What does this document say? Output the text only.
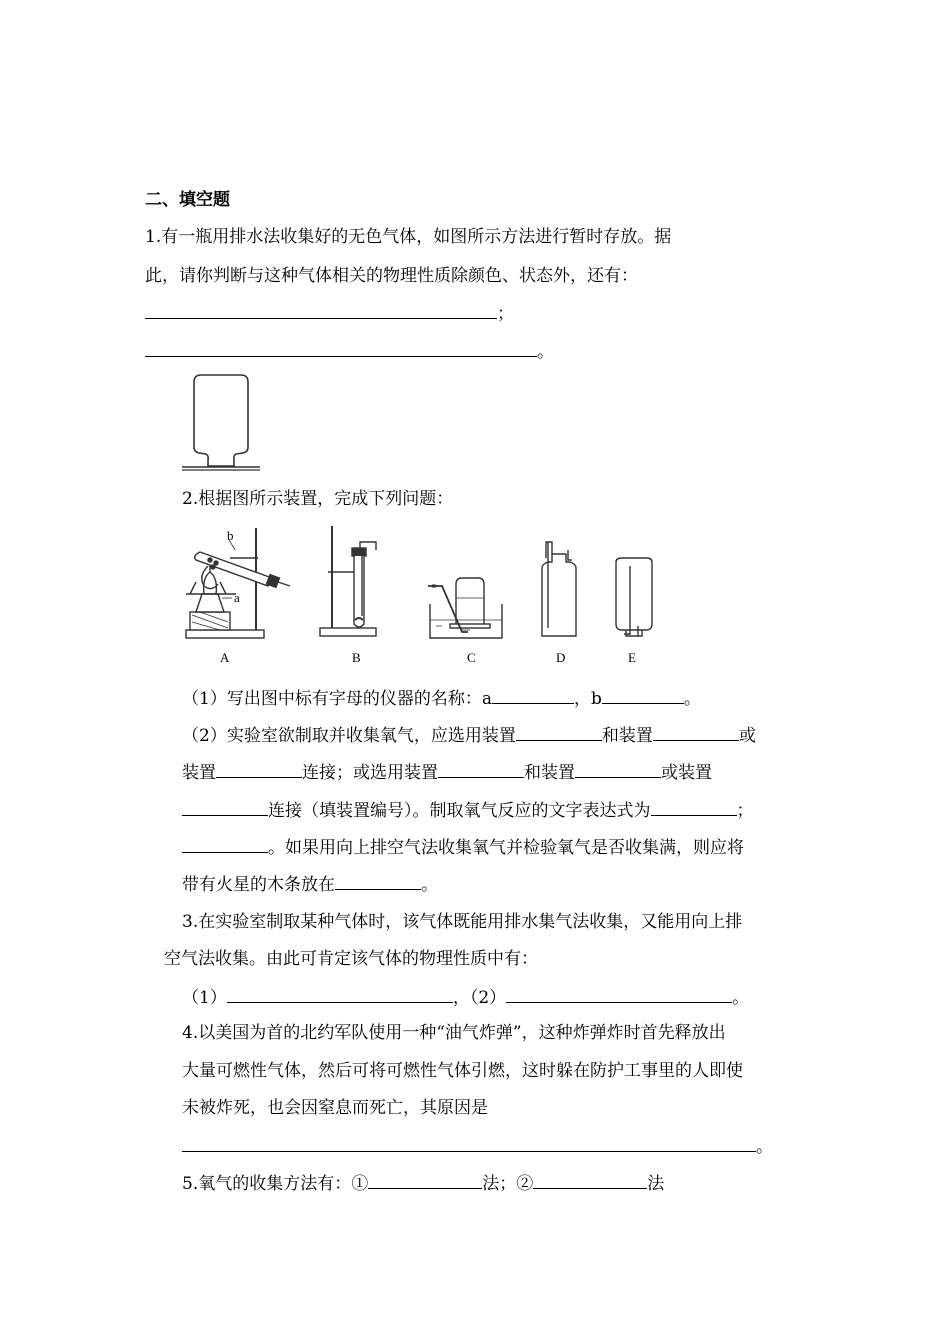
二、填空题
1.有一瓶用排水法收集好的无色气体，如图所示方法进行暂时存放。据
此，请你判断与这种气体相关的物理性质除颜色、状态外，还有：
；
。
2.根据图所示装置，完成下列问题：
b
a
A	B	C	D	E
（1）写出图中标有字母的仪器的名称：a	，b	。
（2）实验室欲制取并收集氧气，应选用装置	和装置	或
装置	连接；或选用装置	和装置	或装置
连接（填装置编号）。制取氧气反应的文字表达式为	；
。如果用向上排空气法收集氧气并检验氧气是否收集满，则应将
带有火星的木条放在	。
3.在实验室制取某种气体时，该气体既能用排水集气法收集，又能用向上排
空气法收集。由此可肯定该气体的物理性质中有：
（1）	，（2）	。
4.以美国为首的北约军队使用一种“油气炸弹”，这种炸弹炸时首先释放出
大量可燃性气体，然后可将可燃性气体引燃，这时躲在防护工事里的人即使
未被炸死，也会因窒息而死亡，其原因是
。
5.氧气的收集方法有：①	法；②	法
